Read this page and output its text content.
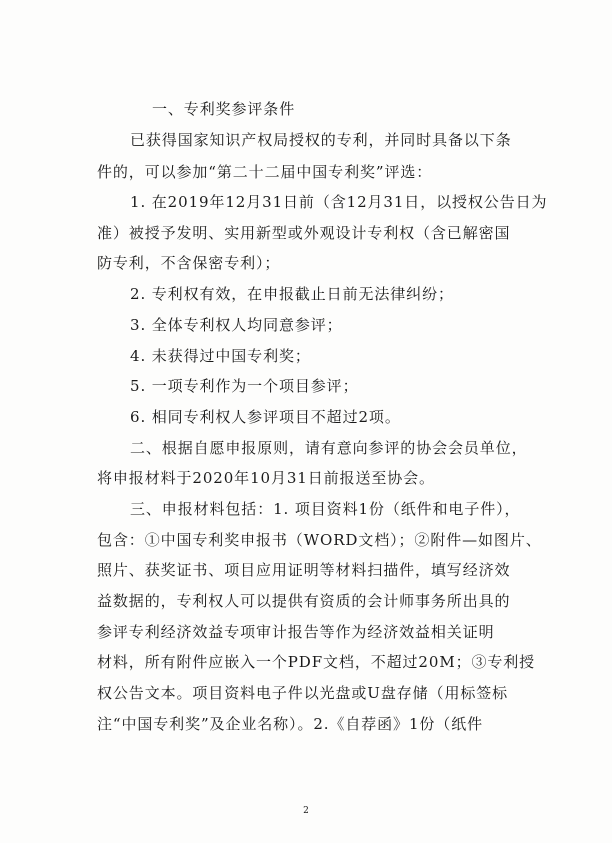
一、专利奖参评条件

已获得国家知识产权局授权的专利，并同时具备以下条

件的，可以参加“第二十二届中国专利奖”评选：

1. 在2019年12月31日前（含12月31日，以授权公告日为

准）被授予发明、实用新型或外观设计专利权（含已解密国

防专利，不含保密专利）；

2. 专利权有效，在申报截止日前无法律纠纷；

3. 全体专利权人均同意参评；

4. 未获得过中国专利奖；

5. 一项专利作为一个项目参评；

6. 相同专利权人参评项目不超过2项。

二、根据自愿申报原则，请有意向参评的协会会员单位，

将申报材料于2020年10月31日前报送至协会。

三、申报材料包括：1. 项目资料1份（纸件和电子件），

包含：①中国专利奖申报书（WORD文档）；②附件—如图片、

照片、获奖证书、项目应用证明等材料扫描件，填写经济效

益数据的，专利权人可以提供有资质的会计师事务所出具的

参评专利经济效益专项审计报告等作为经济效益相关证明

材料，所有附件应嵌入一个PDF文档，不超过20M；③专利授

权公告文本。项目资料电子件以光盘或U盘存储（用标签标

注“中国专利奖”及企业名称）。2.《自荐函》1份（纸件

2
